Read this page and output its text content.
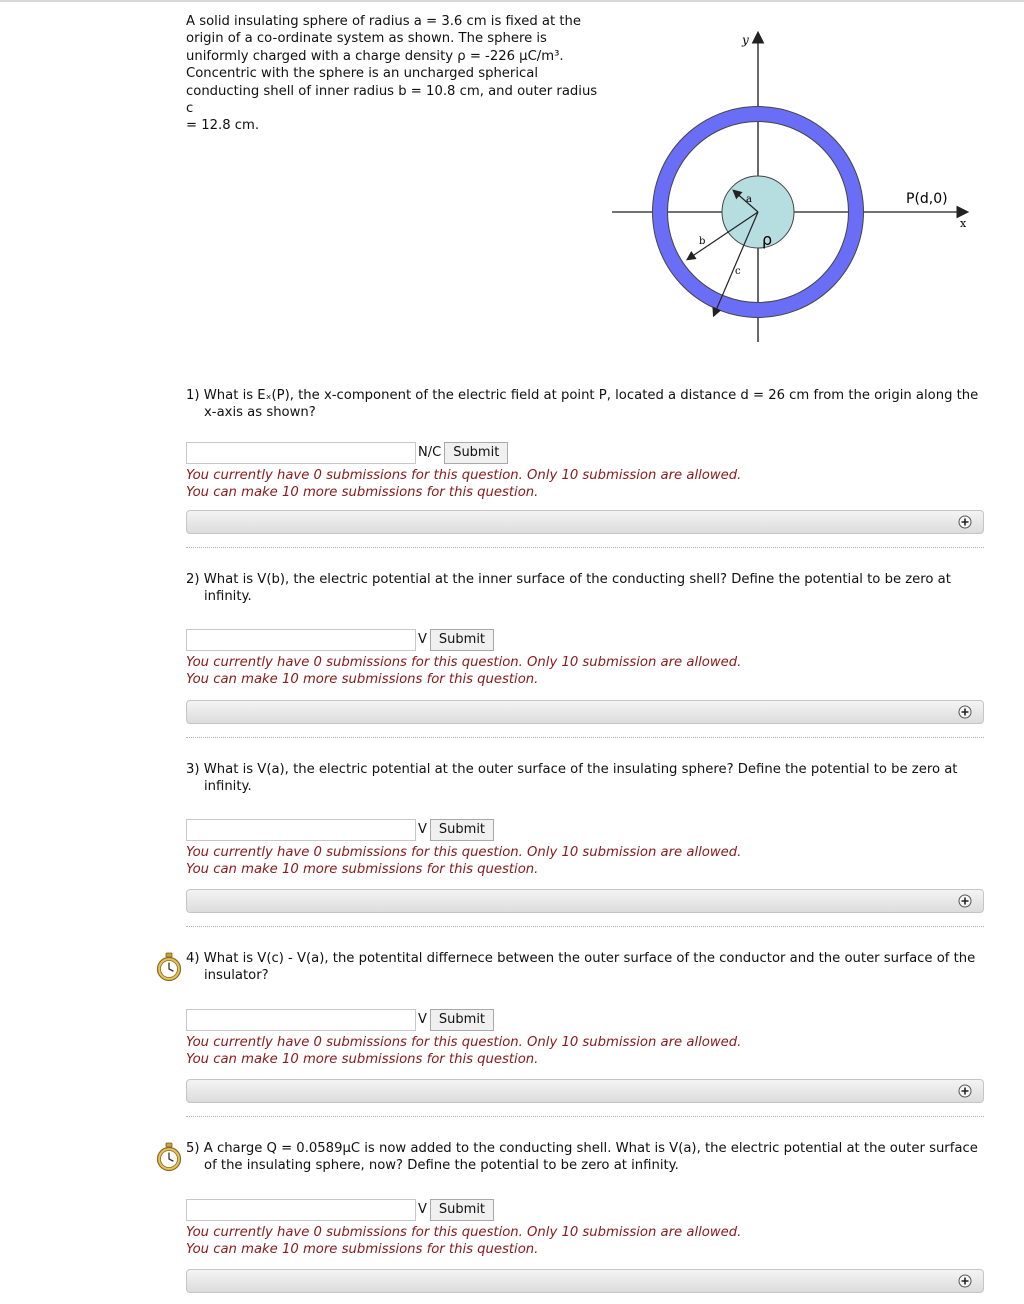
A solid insulating sphere of radius a = 3.6 cm is fixed at the
origin of a co-ordinate system as shown. The sphere is
uniformly charged with a charge density ρ = -226 μC/m³.
Concentric with the sphere is an uncharged spherical
conducting shell of inner radius b = 10.8 cm, and outer radius c
= 12.8 cm.
y
x
a
b
c
ρ
P(d,0)

1) What is Eₓ(P), the x-component of the electric field at point P, located a distance d = 26 cm from the origin along the x-axis as shown?

N/C Submit
You currently have 0 submissions for this question. Only 10 submission are allowed.
You can make 10 more submissions for this question.

2) What is V(b), the electric potential at the inner surface of the conducting shell? Define the potential to be zero at infinity.

V Submit
You currently have 0 submissions for this question. Only 10 submission are allowed.
You can make 10 more submissions for this question.

3) What is V(a), the electric potential at the outer surface of the insulating sphere? Define the potential to be zero at infinity.

V Submit
You currently have 0 submissions for this question. Only 10 submission are allowed.
You can make 10 more submissions for this question.

4) What is V(c) - V(a), the potentital differnece between the outer surface of the conductor and the outer surface of the insulator?

V Submit
You currently have 0 submissions for this question. Only 10 submission are allowed.
You can make 10 more submissions for this question.

5) A charge Q = 0.0589μC is now added to the conducting shell. What is V(a), the electric potential at the outer surface of the insulating sphere, now? Define the potential to be zero at infinity.

V Submit
You currently have 0 submissions for this question. Only 10 submission are allowed.
You can make 10 more submissions for this question.
